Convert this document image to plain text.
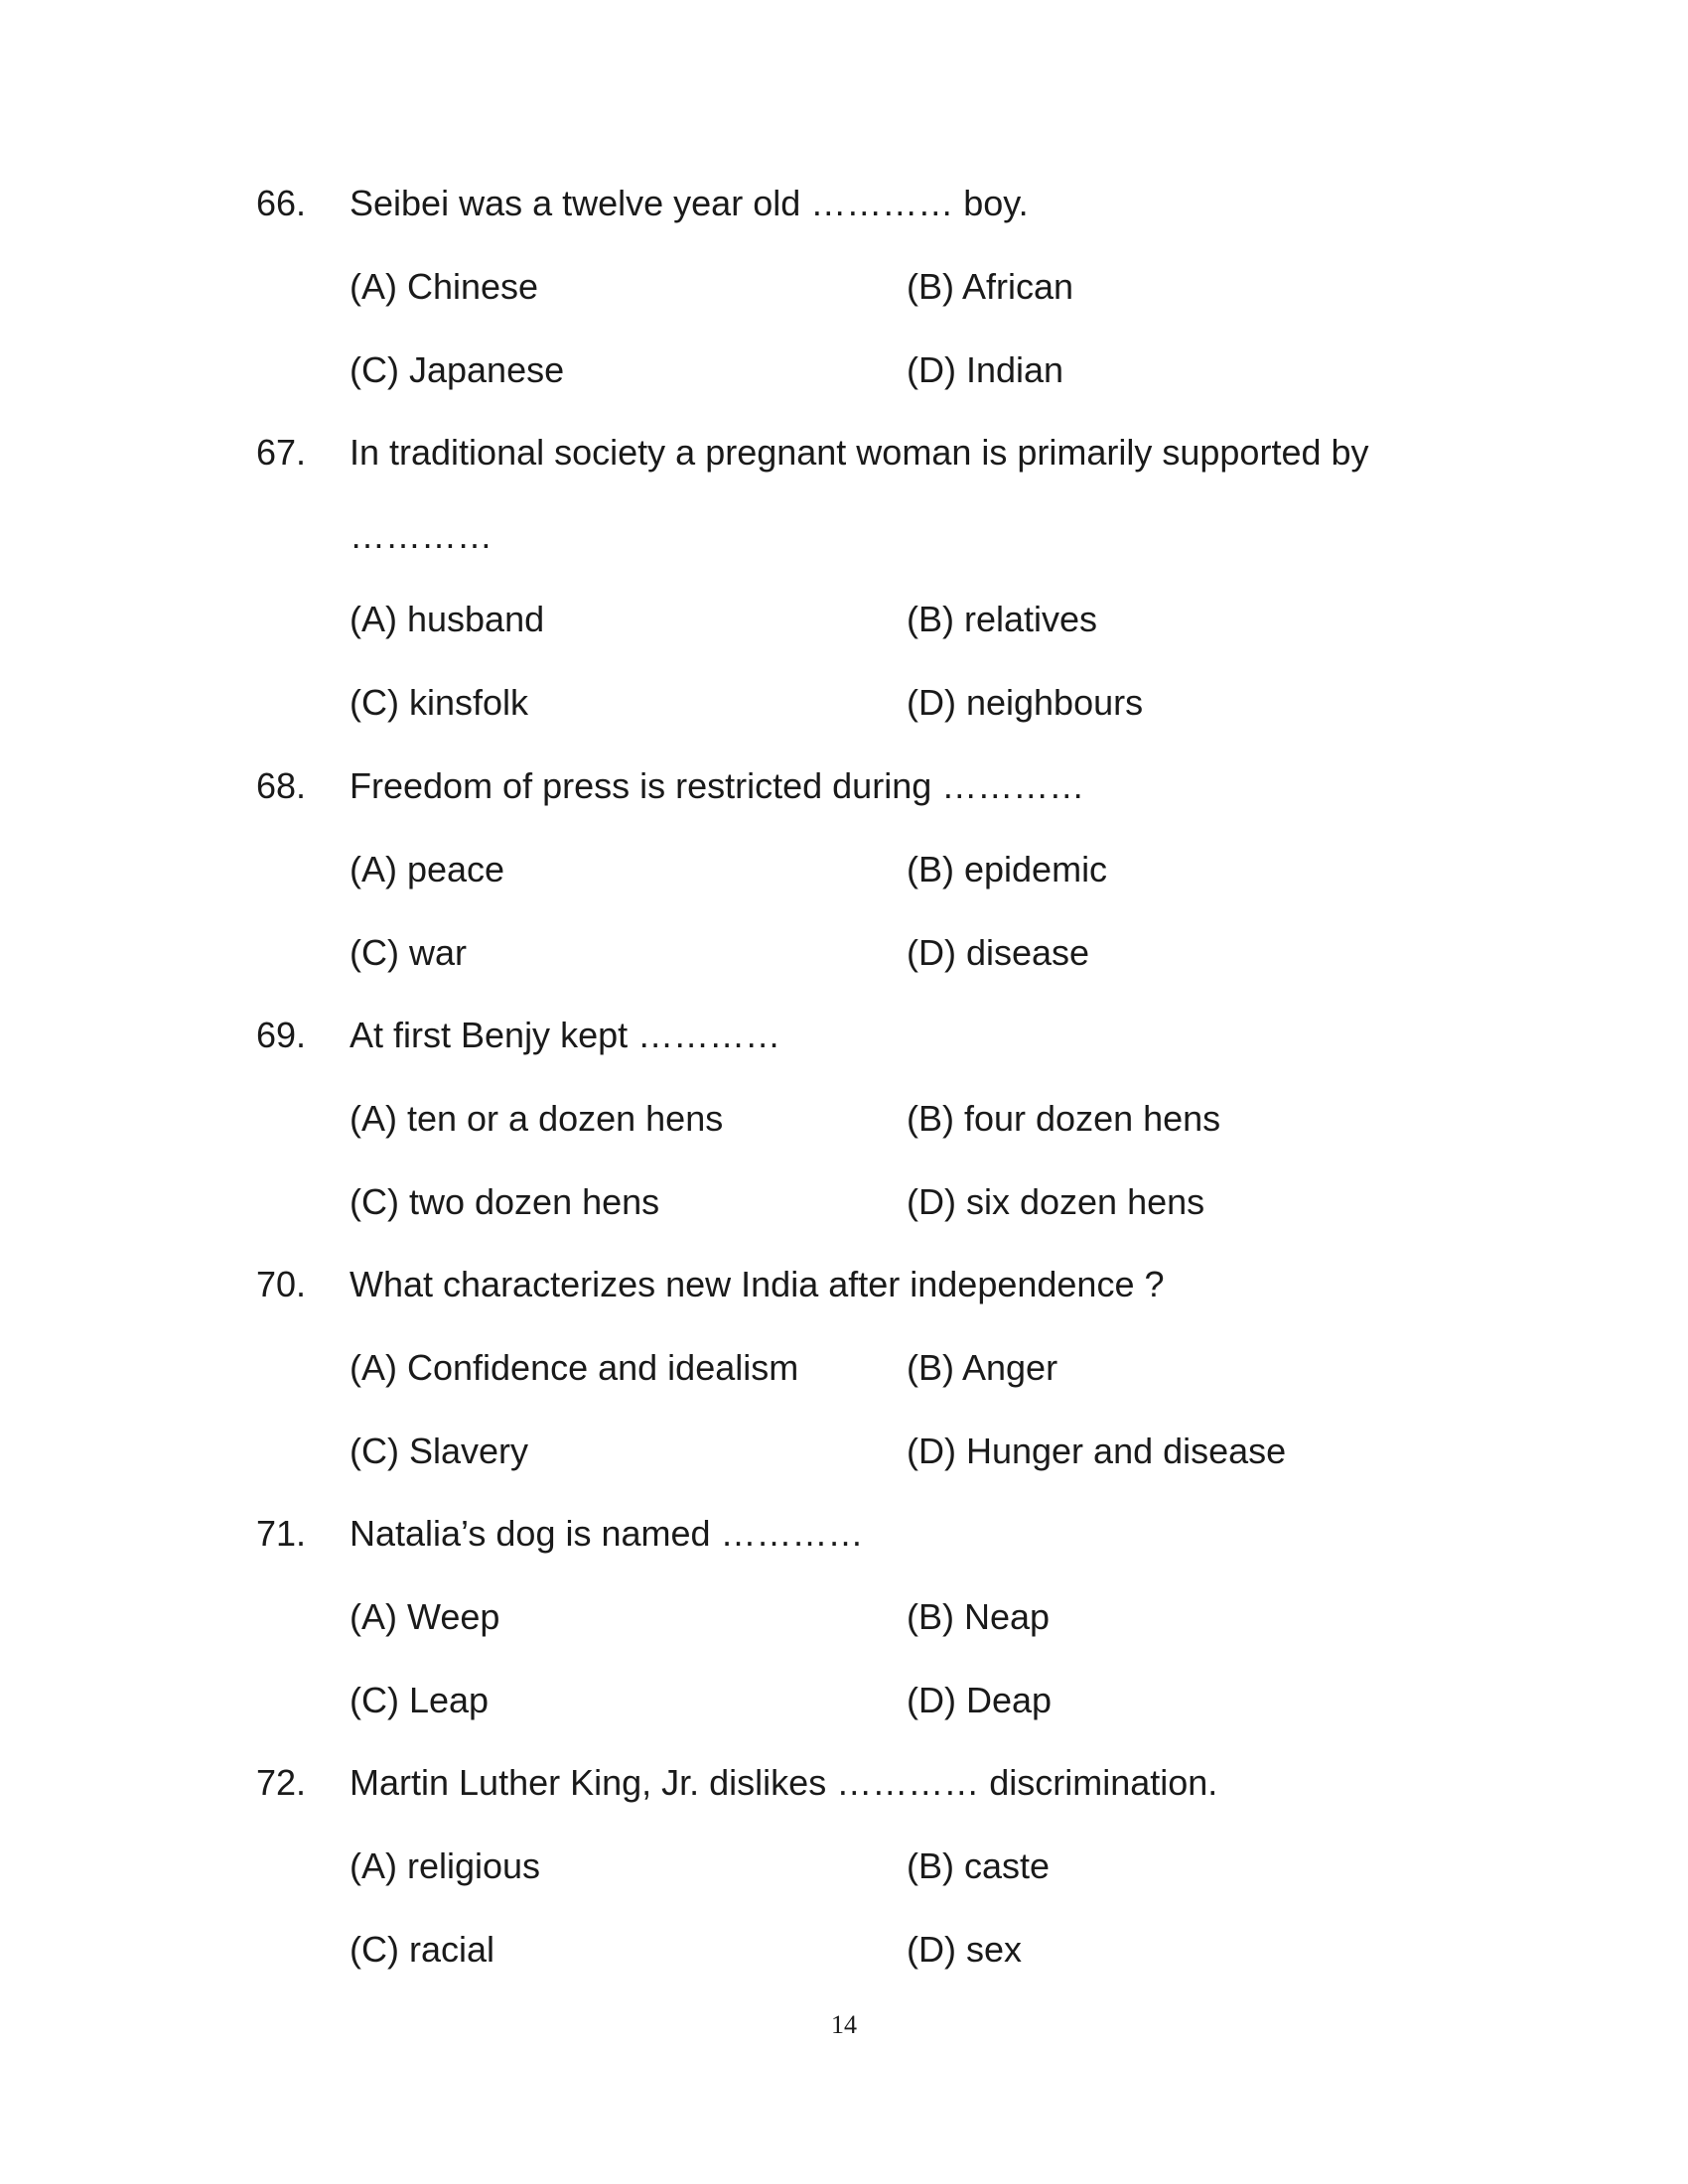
66. Seibei was a twelve year old ………… boy.
(A) Chinese	(B) African
(C) Japanese	(D) Indian
67. In traditional society a pregnant woman is primarily supported by
…………
(A) husband	(B) relatives
(C) kinsfolk	(D) neighbours
68. Freedom of press is restricted during …………
(A) peace	(B) epidemic
(C) war	(D) disease
69. At first Benjy kept …………
(A) ten or a dozen hens	(B) four dozen hens
(C) two dozen hens	(D) six dozen hens
70. What characterizes new India after independence ?
(A) Confidence and idealism	(B) Anger
(C) Slavery	(D) Hunger and disease
71. Natalia’s dog is named …………
(A) Weep	(B) Neap
(C) Leap	(D) Deap
72. Martin Luther King, Jr. dislikes ………… discrimination.
(A) religious	(B) caste
(C) racial	(D) sex
14
